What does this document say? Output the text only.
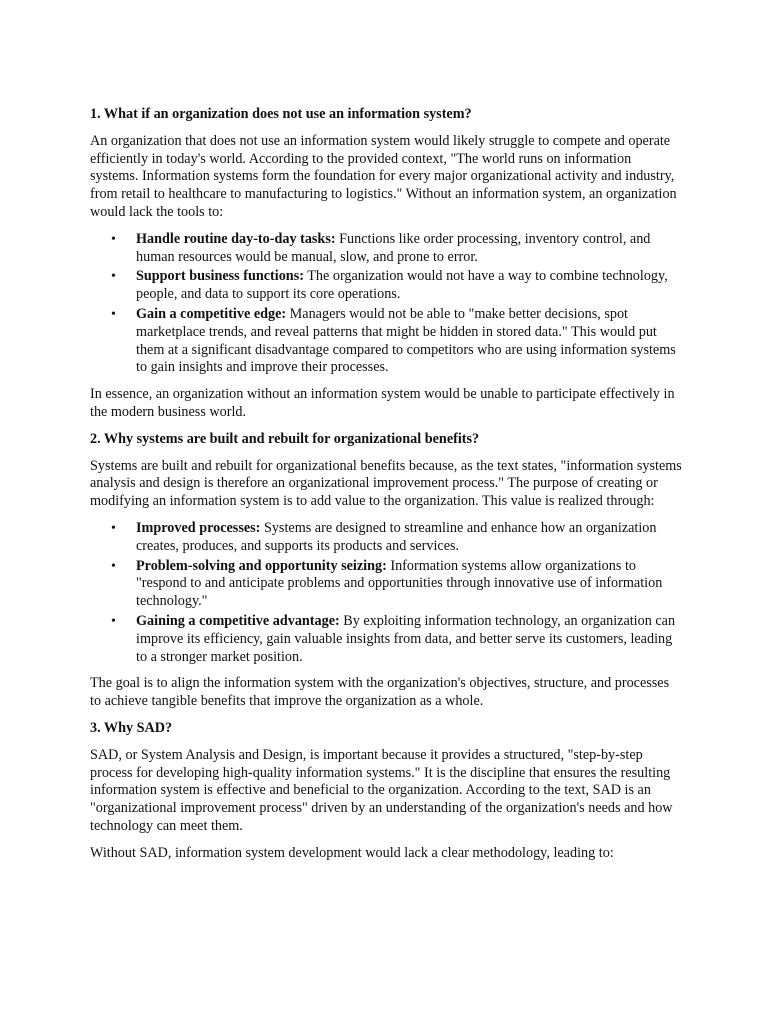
1. What if an organization does not use an information system?
An organization that does not use an information system would likely struggle to compete and operate efficiently in today's world. According to the provided context, "The world runs on information systems. Information systems form the foundation for every major organizational activity and industry, from retail to healthcare to manufacturing to logistics." Without an information system, an organization would lack the tools to:
• Handle routine day-to-day tasks: Functions like order processing, inventory control, and human resources would be manual, slow, and prone to error.
• Support business functions: The organization would not have a way to combine technology, people, and data to support its core operations.
• Gain a competitive edge: Managers would not be able to "make better decisions, spot marketplace trends, and reveal patterns that might be hidden in stored data." This would put them at a significant disadvantage compared to competitors who are using information systems to gain insights and improve their processes.
In essence, an organization without an information system would be unable to participate effectively in the modern business world.
2. Why systems are built and rebuilt for organizational benefits?
Systems are built and rebuilt for organizational benefits because, as the text states, "information systems analysis and design is therefore an organizational improvement process." The purpose of creating or modifying an information system is to add value to the organization. This value is realized through:
• Improved processes: Systems are designed to streamline and enhance how an organization creates, produces, and supports its products and services.
• Problem-solving and opportunity seizing: Information systems allow organizations to "respond to and anticipate problems and opportunities through innovative use of information technology."
• Gaining a competitive advantage: By exploiting information technology, an organization can improve its efficiency, gain valuable insights from data, and better serve its customers, leading to a stronger market position.
The goal is to align the information system with the organization's objectives, structure, and processes to achieve tangible benefits that improve the organization as a whole.
3. Why SAD?
SAD, or System Analysis and Design, is important because it provides a structured, "step-by-step process for developing high-quality information systems." It is the discipline that ensures the resulting information system is effective and beneficial to the organization. According to the text, SAD is an "organizational improvement process" driven by an understanding of the organization's needs and how technology can meet them.
Without SAD, information system development would lack a clear methodology, leading to:
